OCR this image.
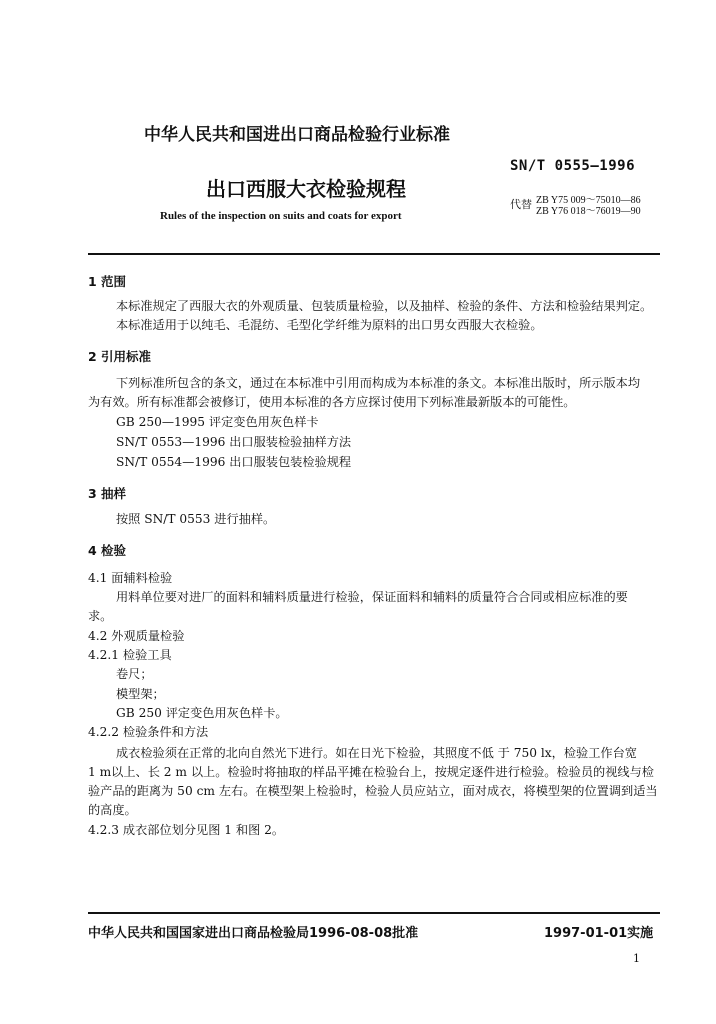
中华人民共和国进出口商品检验行业标准
SN/T 0555—1996
出口西服大衣检验规程
代替 ZB Y75 009～75010—86
ZB Y76 018～76019—90
Rules of the inspection on suits and coats for export
1 范围
本标准规定了西服大衣的外观质量、包装质量检验，以及抽样、检验的条件、方法和检验结果判定。
本标准适用于以纯毛、毛混纺、毛型化学纤维为原料的出口男女西服大衣检验。
2 引用标准
下列标准所包含的条文，通过在本标准中引用而构成为本标准的条文。本标准出版时，所示版本均
为有效。所有标准都会被修订，使用本标准的各方应探讨使用下列标准最新版本的可能性。
GB 250—1995 评定变色用灰色样卡
SN/T 0553—1996 出口服装检验抽样方法
SN/T 0554—1996 出口服装包装检验规程
3 抽样
按照 SN/T 0553 进行抽样。
4 检验
4.1 面辅料检验
用料单位要对进厂的面料和辅料质量进行检验，保证面料和辅料的质量符合合同或相应标准的要
求。
4.2 外观质量检验
4.2.1 检验工具
卷尺；
模型架；
GB 250 评定变色用灰色样卡。
4.2.2 检验条件和方法
成衣检验须在正常的北向自然光下进行。如在日光下检验，其照度不低 于 750 lx，检验工作台宽
1 m以上、长 2 m 以上。检验时将抽取的样品平摊在检验台上，按规定逐件进行检验。检验员的视线与检
验产品的距离为 50 cm 左右。在模型架上检验时，检验人员应站立，面对成衣，将模型架的位置调到适当
的高度。
4.2.3 成衣部位划分见图 1 和图 2。
中华人民共和国国家进出口商品检验局1996-08-08批准	1997-01-01实施
1
